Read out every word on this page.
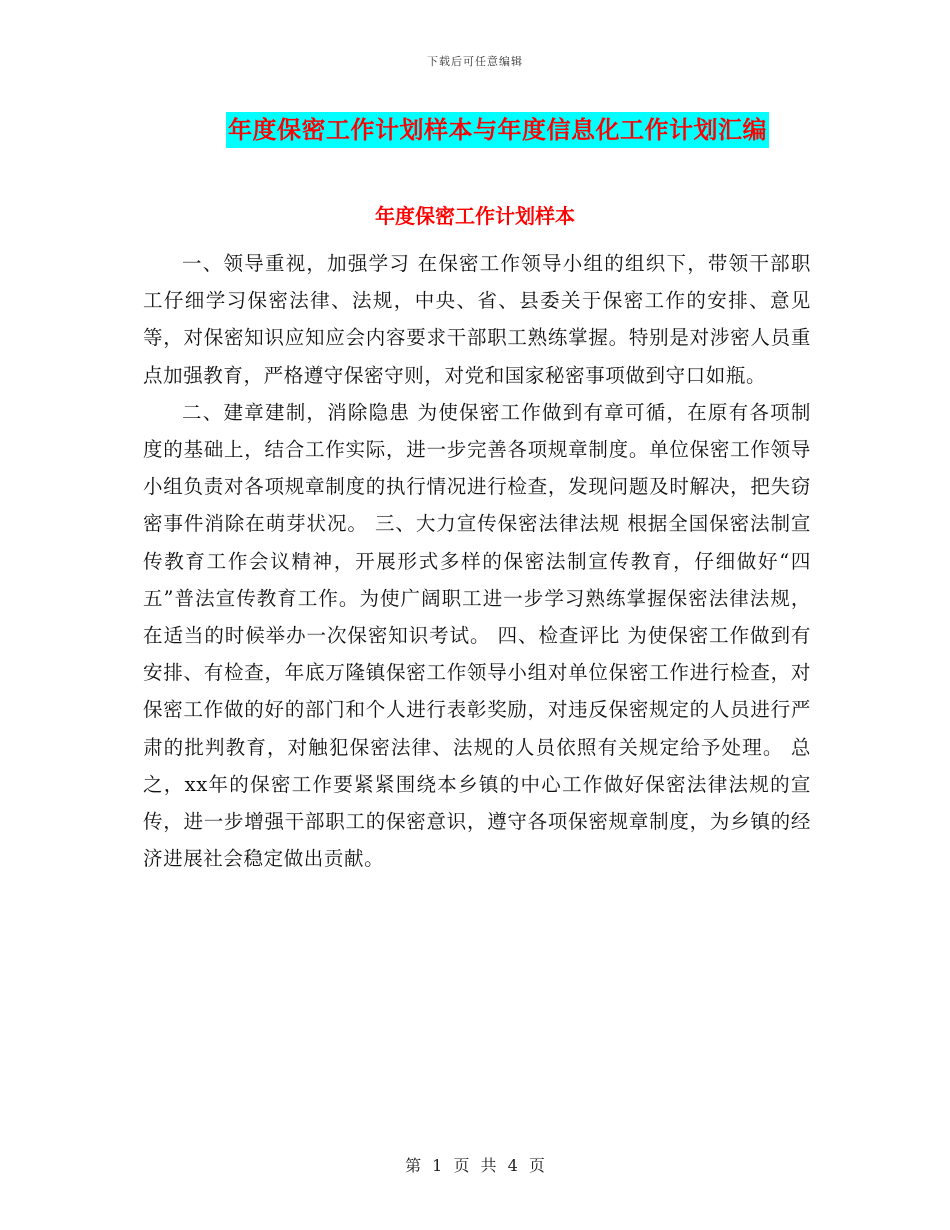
下载后可任意编辑
年度保密工作计划样本与年度信息化工作计划汇编
年度保密工作计划样本

一、领导重视，加强学习 在保密工作领导小组的组织下，带领干部职工仔细学习保密法律、法规，中央、省、县委关于保密工作的安排、意见等，对保密知识应知应会内容要求干部职工熟练掌握。特别是对涉密人员重点加强教育，严格遵守保密守则，对党和国家秘密事项做到守口如瓶。

二、建章建制，消除隐患 为使保密工作做到有章可循，在原有各项制度的基础上，结合工作实际，进一步完善各项规章制度。单位保密工作领导小组负责对各项规章制度的执行情况进行检查，发现问题及时解决，把失窃密事件消除在萌芽状况。 三、大力宣传保密法律法规 根据全国保密法制宣传教育工作会议精神，开展形式多样的保密法制宣传教育，仔细做好“四五”普法宣传教育工作。为使广阔职工进一步学习熟练掌握保密法律法规，在适当的时候举办一次保密知识考试。 四、检查评比 为使保密工作做到有安排、有检查，年底万隆镇保密工作领导小组对单位保密工作进行检查，对保密工作做的好的部门和个人进行表彰奖励，对违反保密规定的人员进行严肃的批判教育，对触犯保密法律、法规的人员依照有关规定给予处理。 总之，xx年的保密工作要紧紧围绕本乡镇的中心工作做好保密法律法规的宣传，进一步增强干部职工的保密意识，遵守各项保密规章制度，为乡镇的经济进展社会稳定做出贡献。

第 1 页 共 4 页
